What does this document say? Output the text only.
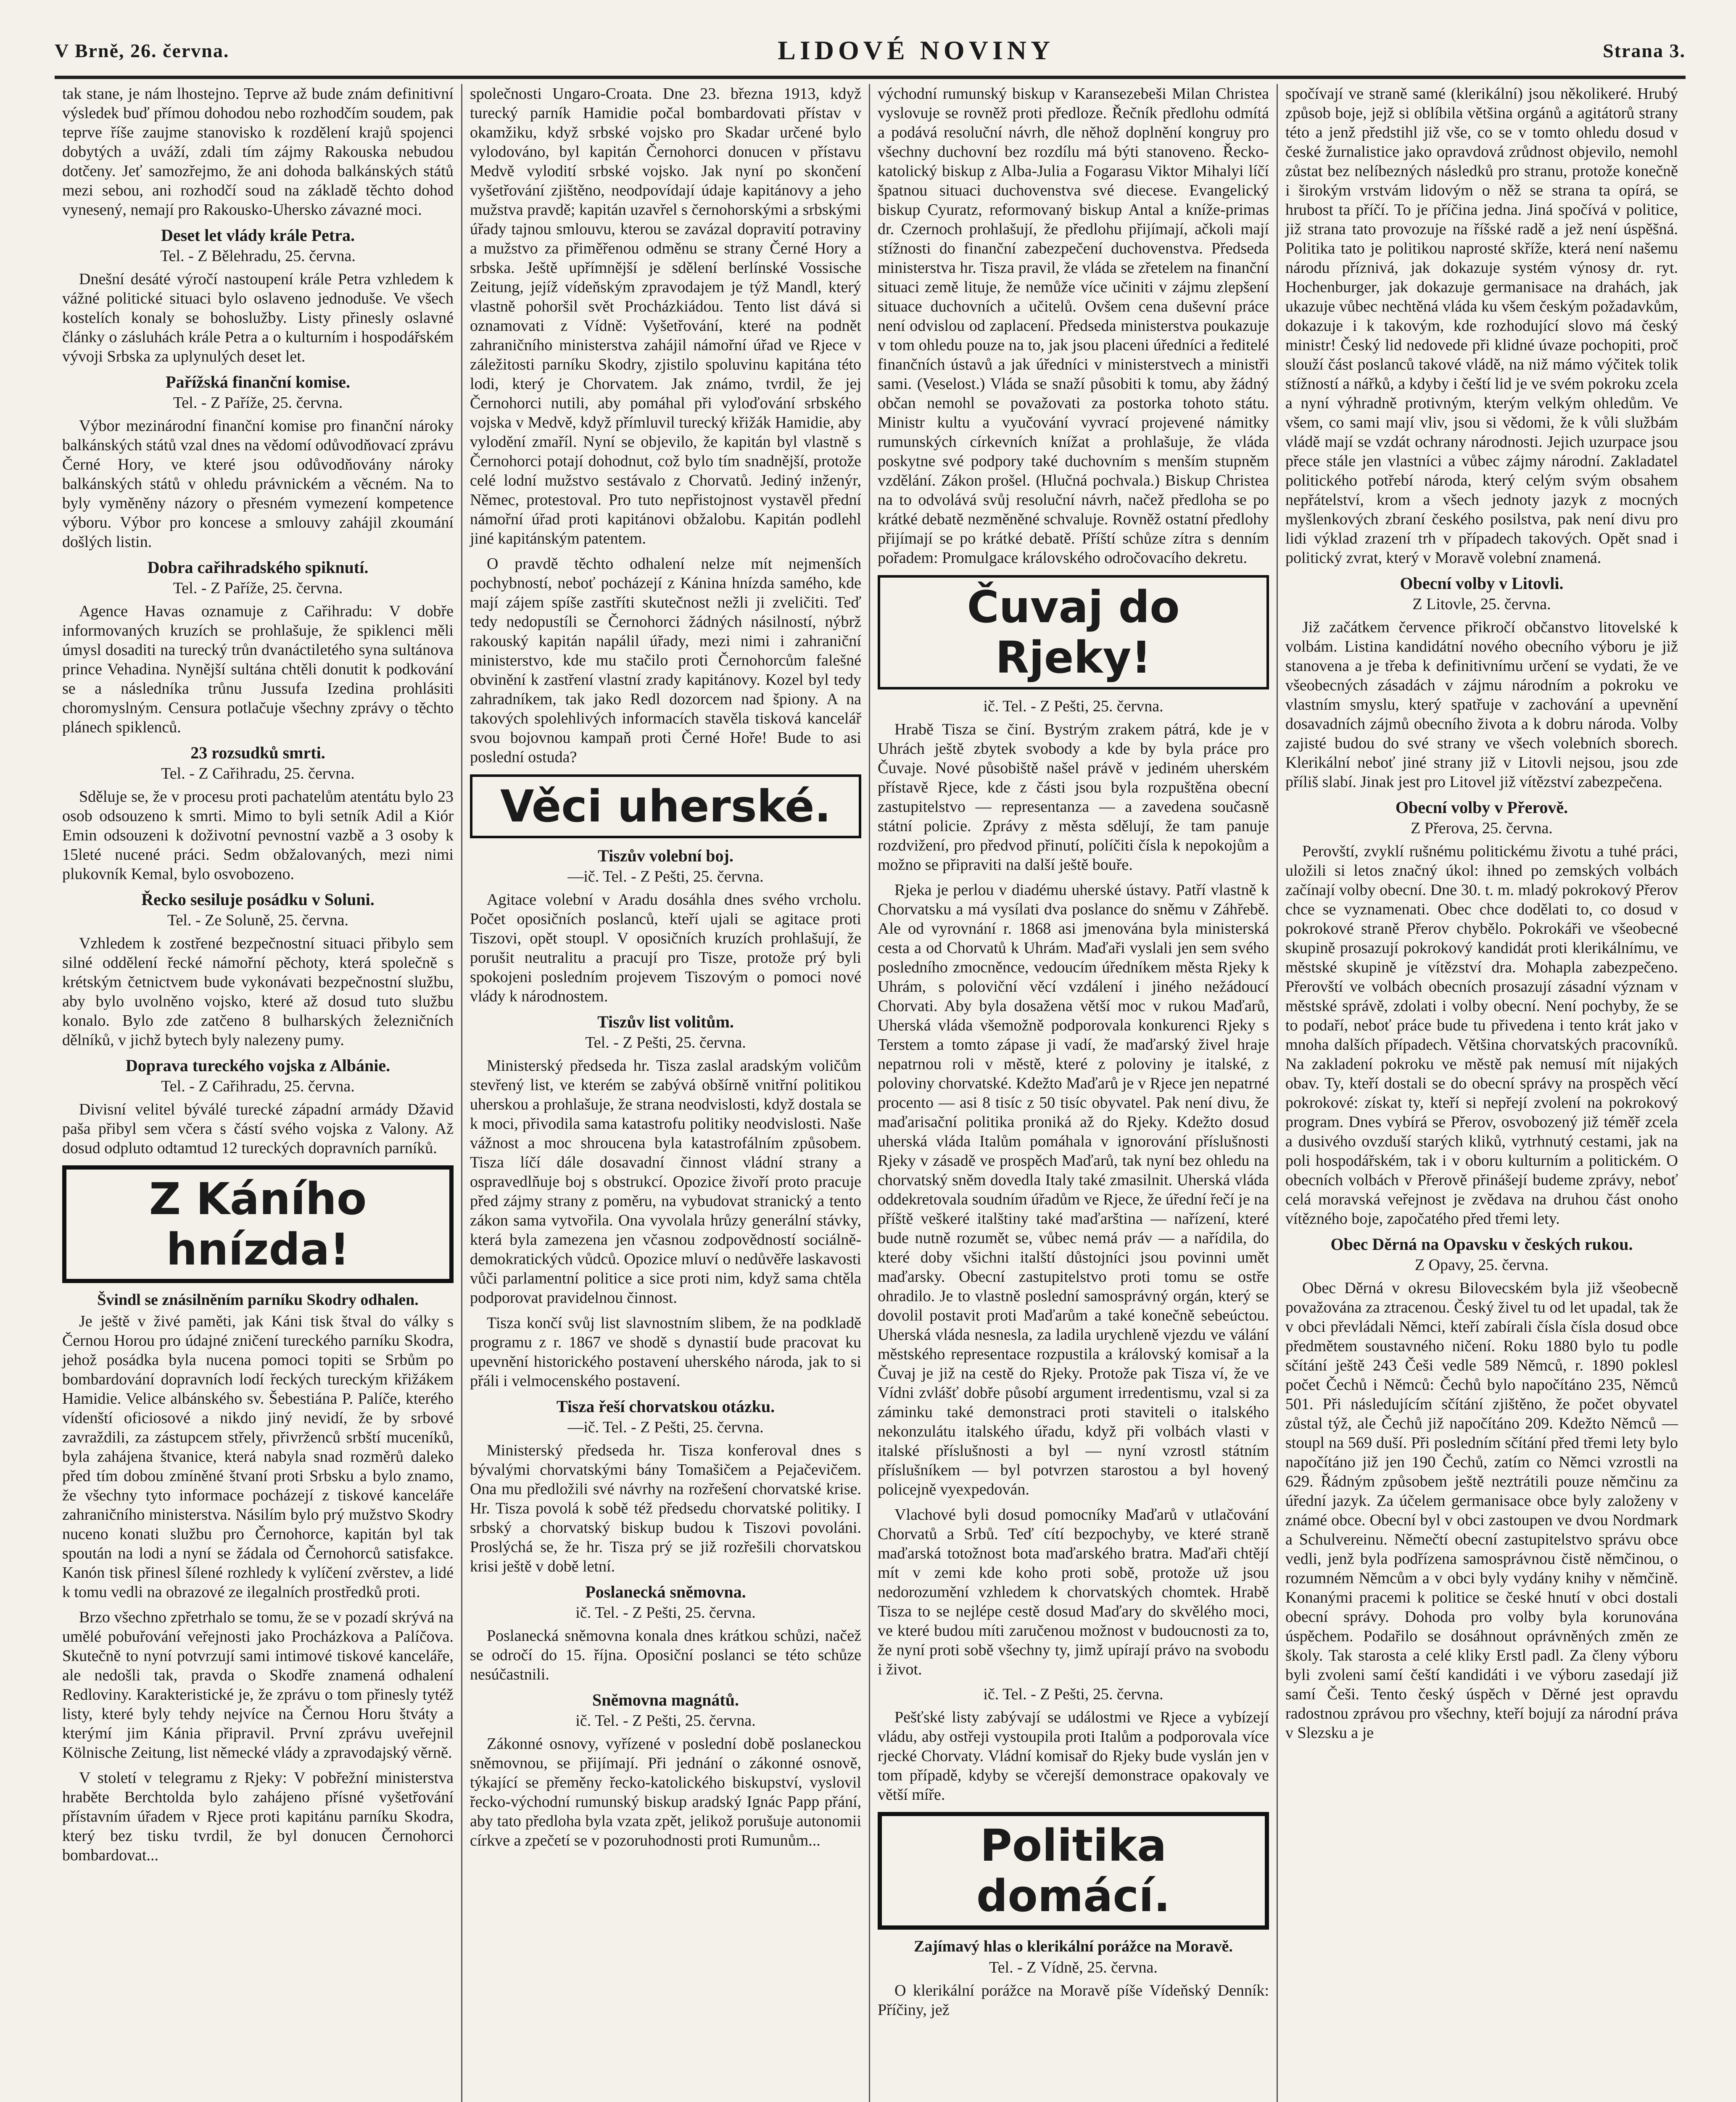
V Brně, 26. června.	LIDOVÉ NOVINY	Strana 3.

tak stane, je nám lhostejno. Teprve až bude znám definitivní výsledek buď přímou dohodou nebo rozhodčím soudem, pak teprve říše zaujme stanovisko k rozdělení krajů spojenci dobytých a uváží, zdali tím zájmy Rakouska nebudou dotčeny. Jeť samozřejmo, že ani dohoda balkánských států mezi sebou, ani rozhodčí soud na základě těchto dohod vynesený, nemají pro Rakousko-Uhersko závazné moci.

Deset let vlády krále Petra.
Tel. - Z Bělehradu, 25. června.

Dnešní desáté výročí nastoupení krále Petra vzhledem k vážné politické situaci bylo oslaveno jednoduše. Ve všech kostelích konaly se bohoslužby. Listy přinesly oslavné články o zásluhách krále Petra a o kulturním i hospodářském vývoji Srbska za uplynulých deset let.

Pařížská finanční komise.
Tel. - Z Paříže, 25. června.

Výbor mezinárodní finanční komise pro finanční nároky balkánských států vzal dnes na vědomí odůvodňovací zprávu Černé Hory, ve které jsou odůvodňovány nároky balkánských států v ohledu právnickém a věcném. Na to byly vyměněny názory o přesném vymezení kompetence výboru. Výbor pro koncese a smlouvy zahájil zkoumání došlých listin.

Dobra cařihradského spiknutí.
Tel. - Z Paříže, 25. června.

Agence Havas oznamuje z Cařihradu: V dobře informovaných kruzích se prohlašuje, že spiklenci měli úmysl dosaditi na turecký trůn dvanáctiletého syna sultánova prince Vehadina. Nynější sultána chtěli donutit k podkování se a následníka trůnu Jussufa Izedina prohlásiti choromyslným. Censura potlačuje všechny zprávy o těchto plánech spiklenců.

23 rozsudků smrti.
Tel. - Z Cařihradu, 25. června.

Sděluje se, že v procesu proti pachatelům atentátu bylo 23 osob odsouzeno k smrti. Mimo to byli setník Adil a Kiór Emin odsouzeni k doživotní pevnostní vazbě a 3 osoby k 15leté nucené práci. Sedm obžalovaných, mezi nimi plukovník Kemal, bylo osvobozeno.

Řecko sesiluje posádku v Soluni.
Tel. - Ze Soluně, 25. června.

Vzhledem k zostřené bezpečnostní situaci přibylo sem silné oddělení řecké námořní pěchoty, která společně s krétským četnictvem bude vykonávati bezpečnostní službu, aby bylo uvolněno vojsko, které až dosud tuto službu konalo. Bylo zde zatčeno 8 bulharských železničních dělníků, v jichž bytech byly nalezeny pumy.

Doprava tureckého vojska z Albánie.
Tel. - Z Cařihradu, 25. června.

Divisní velitel býválé turecké západní armády Džavid paša přibyl sem včera s částí svého vojska z Valony. Až dosud odpluto odtamtud 12 tureckých dopravních parníků.

Z Káního hnízda!
Švindl se znásilněním parníku Skodry odhalen.

Je ještě v živé paměti, jak Káni tisk štval do války s Černou Horou pro údajné zničení tureckého parníku Skodra, jehož posádka byla nucena pomoci topiti se Srbům po bombardování dopravních lodí řeckých tureckým křižákem Hamidie. Velice albánského sv. Šebestiána P. Palíče, kterého vídenští oficiosové a nikdo jiný nevidí, že by srbové zavraždili, za zástupcem střely, přivrženců srbští muceníků, byla zahájena štvanice, která nabyla snad rozměrů daleko před tím dobou zmíněné štvaní proti Srbsku a bylo znamo, že všechny tyto informace pocházejí z tiskové kanceláře zahraničního ministerstva. Násilím bylo prý mužstvo Skodry nuceno konati službu pro Černohorce, kapitán byl tak spoután na lodi a nyní se žádala od Černohorců satisfakce. Kanón tisk přinesl šílené rozhledy k vylíčení zvěrstev, a lidé k tomu vedli na obrazové ze ilegalních prostředků proti.

Brzo všechno zpřetrhalo se tomu, že se v pozadí skrývá na umělé pobuřování veřejnosti jako Procházkova a Palíčova. Skutečně to nyní potvrzují sami intimové tiskové kanceláře, ale nedošli tak, pravda o Skodře znamená odhalení Redloviny. Karakteristické je, že zprávu o tom přinesly tytéž listy, které byly tehdy nejvíce na Černou Horu štváty a kterýmí jim Kánia připravil. První zprávu uveřejnil Kölnische Zeitung, list německé vlády a zpravodajský věrně.

V století v telegramu z Rjeky: V pobřežní ministerstva hraběte Berchtolda bylo zahájeno přísné vyšetřování přístavním úřadem v Rjece proti kapitánu parníku Skodra, který bez tisku tvrdil, že byl donucen Černohorci bombardovat...

společnosti Ungaro-Croata. Dne 23. března 1913, když turecký parník Hamidie počal bombardovati přístav v okamžiku, když srbské vojsko pro Skadar určené bylo vylodováno, byl kapitán Černohorci donucen v přístavu Medvě vylodití srbské vojsko. Jak nyní po skončení vyšetřování zjištěno, neodpovídají údaje kapitánovy a jeho mužstva pravdě; kapitán uzavřel s černohorskými a srbskými úřady tajnou smlouvu, kterou se zavázal dopravití potraviny a mužstvo za přiměřenou odměnu se strany Černé Hory a srbska. Ještě upřímnější je sdělení berlínské Vossische Zeitung, jejíž vídeňským zpravodajem je týž Mandl, který vlastně pohoršil svět Procházkiádou. Tento list dává si oznamovati z Vídně: Vyšetřování, které na podnět zahraničního ministerstva zahájil námořní úřad ve Rjece v záležitosti parníku Skodry, zjistilo spoluvinu kapitána této lodi, který je Chorvatem. Jak známo, tvrdil, že jej Černohorci nutili, aby pomáhal při vyloďování srbského vojska v Medvě, když přímluvil turecký křižák Hamidie, aby vylodění zmaříl. Nyní se objevilo, že kapitán byl vlastně s Černohorci potají dohodnut, což bylo tím snadnější, protože celé lodní mužstvo sestávalo z Chorvatů. Jediný inženýr, Němec, protestoval. Pro tuto nepřistojnost vystavěl přední námořní úřad proti kapitánovi obžalobu. Kapitán podlehl jiné kapitánským patentem.

O pravdě těchto odhalení nelze mít nejmenších pochybností, neboť pocházejí z Kánina hnízda samého, kde mají zájem spíše zastříti skutečnost nežli ji zveličiti. Teď tedy nedopustíli se Černohorci žádných násilností, nýbrž rakouský kapitán napálil úřady, mezi nimi i zahraniční ministerstvo, kde mu stačilo proti Černohorcům falešné obvinění k zastření vlastní zrady kapitánovy. Kozel byl tedy zahradníkem, tak jako Redl dozorcem nad špiony. A na takových spolehlivých informacích stavěla tisková kancelář svou bojovnou kampaň proti Černé Hoře! Bude to asi poslední ostuda?

Věci uherské.
Tiszův volební boj.
—ič. Tel. - Z Pešti, 25. června.

Agitace volební v Aradu dosáhla dnes svého vrcholu. Počet oposičních poslanců, kteří ujali se agitace proti Tiszovi, opět stoupl. V oposičních kruzích prohlašují, že porušit neutralitu a pracují pro Tisze, protože prý byli spokojeni posledním projevem Tiszovým o pomoci nové vlády k národnostem.

Tiszův list volitům.
Tel. - Z Pešti, 25. června.

Ministerský předseda hr. Tisza zaslal aradským voličům stevřený list, ve kterém se zabývá obšírně vnitřní politikou uherskou a prohlašuje, že strana neodvislosti, když dostala se k moci, přivodila sama katastrofu politiky neodvislosti. Naše vážnost a moc shroucena byla katastrofálním způsobem. Tisza líčí dále dosavadní činnost vládní strany a ospravedlňuje boj s obstrukcí. Opozice živoří proto pracuje před zájmy strany z poměru, na vybudovat stranický a tento zákon sama vytvořila. Ona vyvolala hrůzy generální stávky, která byla zamezena jen včasnou zodpovědností sociálně-demokratických vůdců. Opozice mluví o nedůvěře laskavosti vůči parlamentní politice a sice proti nim, když sama chtěla podporovat pravidelnou činnost.

Tisza končí svůj list slavnostním slibem, že na podkladě programu z r. 1867 ve shodě s dynastií bude pracovat ku upevnění historického postavení uherského národa, jak to si přáli i velmocenského postavení.

Tisza řeší chorvatskou otázku.
—ič. Tel. - Z Pešti, 25. června.

Ministerský předseda hr. Tisza konferoval dnes s bývalými chorvatskými bány Tomašičem a Pejačevičem. Ona mu předložili své návrhy na rozřešení chorvatské krise. Hr. Tisza povolá k sobě též předsedu chorvatské politiky. I srbský a chorvatský biskup budou k Tiszovi povoláni. Proslýchá se, že hr. Tisza prý se již rozřešili chorvatskou krisi ještě v době letní.

Poslanecká sněmovna.
ič. Tel. - Z Pešti, 25. června.

Poslanecká sněmovna konala dnes krátkou schůzi, načež se odročí do 15. října. Oposiční poslanci se této schůze nesúčastnili.

Sněmovna magnátů.
ič. Tel. - Z Pešti, 25. června.

Zákonné osnovy, vyřízené v poslední době poslaneckou sněmovnou, se přijímají. Při jednání o zákonné osnově, týkající se přeměny řecko-katolického biskupství, vyslovil řecko-východní rumunský biskup aradský Ignác Papp přání, aby tato předloha byla vzata zpět, jelikož porušuje autonomii církve a zpečetí se v pozoruhodnosti proti Rumunům...

východní rumunský biskup v Karansezebeši Milan Christea vyslovuje se rovněž proti předloze. Řečník předlohu odmítá a podává resoluční návrh, dle něhož doplnění kongruy pro všechny duchovní bez rozdílu má býti stanoveno. Řecko-katolický biskup z Alba-Julia a Fogarasu Viktor Mihalyi líčí špatnou situaci duchovenstva své diecese. Evangelický biskup Cyuratz, reformovaný biskup Antal a kníže-primas dr. Czernoch prohlašují, že předlohu přijímají, ačkoli mají stížnosti do finanční zabezpečení duchovenstva. Předseda ministerstva hr. Tisza pravil, že vláda se zřetelem na finanční situaci země lituje, že nemůže více učiniti v zájmu zlepšení situace duchovních a učitelů. Ovšem cena duševní práce není odvislou od zaplacení. Předseda ministerstva poukazuje v tom ohledu pouze na to, jak jsou placeni úředníci a ředitelé finančních ústavů a jak úředníci v ministerstvech a ministři sami. (Veselost.) Vláda se snaží působiti k tomu, aby žádný občan nemohl se považovati za postorka tohoto státu. Ministr kultu a vyučování vyvrací projevené námitky rumunských církevních knížat a prohlašuje, že vláda poskytne své podpory také duchovním s menším stupněm vzdělání. Zákon prošel. (Hlučná pochvala.) Biskup Christea na to odvolává svůj resoluční návrh, načež předloha se po krátké debatě nezměněné schvaluje. Rovněž ostatní předlohy přijímají se po krátké debatě. Příští schůze zítra s denním pořadem: Promulgace královského odročovacího dekretu.

Čuvaj do Rjeky!
ič. Tel. - Z Pešti, 25. června.

Hrabě Tisza se činí. Bystrým zrakem pátrá, kde je v Uhrách ještě zbytek svobody a kde by byla práce pro Čuvaje. Nové působiště našel právě v jediném uherském přístavě Rjece, kde z části jsou byla rozpuštěna obecní zastupitelstvo — representanza — a zavedena současně státní policie. Zprávy z města sdělují, že tam panuje rozdvižení, pro předvod přinutí, políčiti čísla k nepokojům a možno se připraviti na další ještě bouře.

Rjeka je perlou v diadému uherské ústavy. Patří vlastně k Chorvatsku a má vysílati dva poslance do sněmu v Záhřebě. Ale od vyrovnání r. 1868 asi jmenována byla ministerská cesta a od Chorvatů k Uhrám. Maďaři vyslali jen sem svého posledního zmocněnce, vedoucím úředníkem města Rjeky k Uhrám, s poloviční věcí vzdálení i jiného nežádoucí Chorvati. Aby byla dosažena větší moc v rukou Maďarů, Uherská vláda všemožně podporovala konkurenci Rjeky s Terstem a tomto zápase ji vadí, že maďarský živel hraje nepatrnou roli v městě, které z poloviny je italské, z poloviny chorvatské. Kdežto Maďarů je v Rjece jen nepatrné procento — asi 8 tisíc z 50 tisíc obyvatel. Pak není divu, že maďarisační politika proniká až do Rjeky. Kdežto dosud uherská vláda Italům pomáhala v ignorování příslušnosti Rjeky v zásadě ve prospěch Maďarů, tak nyní bez ohledu na chorvatský sněm dovedla Italy také zmasilnit. Uherská vláda oddekretovala soudním úřadům ve Rjece, že úřední řečí je na příště veškeré italštiny také maďarština — nařízení, které bude nutně rozumět se, vůbec nemá práv — a nařídila, do které doby všichni italští důstojníci jsou povinni umět maďarsky. Obecní zastupitelstvo proti tomu se ostře ohradilo. Je to vlastně poslední samosprávný orgán, který se dovolil postavit proti Maďarům a také konečně sebeúctou. Uherská vláda nesnesla, za ladila urychleně vjezdu ve válání městského representace rozpustila a královský komisař a la Čuvaj je již na cestě do Rjeky. Protože pak Tisza ví, že ve Vídni zvlášť dobře působí argument irredentismu, vzal si za záminku také demonstraci proti staviteli o italského nekonzulátu italského úřadu, když při volbách vlasti v italské příslušnosti a byl — nyní vzrostl státním příslušníkem — byl potvrzen starostou a byl hovený policejně vyexpedován.

Vlachové byli dosud pomocníky Maďarů v utlačování Chorvatů a Srbů. Teď cítí bezpochyby, ve které straně maďarská totožnost bota maďarského bratra. Maďaři chtějí mít v zemi kde koho proti sobě, protože už jsou nedorozumění vzhledem k chorvatských chomtek. Hrabě Tisza to se nejlépe cestě dosud Maďary do skvělého moci, ve které budou míti zaručenou možnost v budoucnosti za to, že nyní proti sobě všechny ty, jimž upírají právo na svobodu i život.

ič. Tel. - Z Pešti, 25. června.

Pešťské listy zabývají se událostmi ve Rjece a vybízejí vládu, aby ostřeji vystoupila proti Italům a podporovala více rjecké Chorvaty. Vládní komisař do Rjeky bude vyslán jen v tom případě, kdyby se včerejší demonstrace opakovaly ve větší míře.

Politika domácí.
Zajímavý hlas o klerikální porážce na Moravě.
Tel. - Z Vídně, 25. června.

O klerikální porážce na Moravě píše Vídeňský Denník: Příčiny, jež

spočívají ve straně samé (klerikální) jsou několikeré. Hrubý způsob boje, jejž si oblíbila většina orgánů a agitátorů strany této a jenž předstihl již vše, co se v tomto ohledu dosud v české žurnalistice jako opravdová zrůdnost objevilo, nemohl zůstat bez nelíbezných následků pro stranu, protože konečně i širokým vrstvám lidovým o něž se strana ta opírá, se hrubost ta příčí. To je příčina jedna. Jiná spočívá v politice, již strana tato provozuje na říšské radě a jež není úspěšná. Politika tato je politikou naprosté skříže, která není našemu národu příznivá, jak dokazuje systém výnosy dr. ryt. Hochenburger, jak dokazuje germanisace na drahách, jak ukazuje vůbec nechtěná vláda ku všem českým požadavkům, dokazuje i k takovým, kde rozhodující slovo má český ministr! Český lid nedovede při klidné úvaze pochopiti, proč slouží část poslanců takové vládě, na niž mámo výčitek tolik stížností a nářků, a kdyby i čeští lid je ve svém pokroku zcela a nyní výhradně protivným, kterým velkým ohledům. Ve všem, co sami mají vliv, jsou si vědomi, že k vůli službám vládě mají se vzdát ochrany národnosti. Jejich uzurpace jsou přece stále jen vlastníci a vůbec zájmy národní. Zakladatel politického potřebí národa, který celým svým obsahem nepřátelství, krom a všech jednoty jazyk z mocných myšlenkových zbraní českého posilstva, pak není divu pro lidi výklad zrazení trh v případech takových. Opět snad i politický zvrat, který v Moravě volební znamená.

Obecní volby v Litovli.
Z Litovle, 25. června.

Již začátkem července přikročí občanstvo litovelské k volbám. Listina kandidátní nového obecního výboru je již stanovena a je třeba k definitivnímu určení se vydati, že ve všeobecných zásadách v zájmu národním a pokroku ve vlastním smyslu, který spatřuje v zachování a upevnění dosavadních zájmů obecního života a k dobru národa. Volby zajisté budou do své strany ve všech volebních sborech. Klerikální neboť jiné strany již v Litovli nejsou, jsou zde příliš slabí. Jinak jest pro Litovel již vítězství zabezpečena.

Obecní volby v Přerově.
Z Přerova, 25. června.

Perovští, zvyklí rušnému politickému životu a tuhé práci, uložili si letos značný úkol: ihned po zemských volbách začínají volby obecní. Dne 30. t. m. mladý pokrokový Přerov chce se vyznamenati. Obec chce dodělati to, co dosud v pokrokové straně Přerov chybělo. Pokrokáři ve všeobecné skupině prosazují pokrokový kandidát proti klerikálnímu, ve městské skupině je vítězství dra. Mohapla zabezpečeno. Přerovští ve volbách obecních prosazují zásadní význam v městské správě, zdolati i volby obecní. Není pochyby, že se to podaří, neboť práce bude tu přivedena i tento krát jako v mnoha dalších případech. Většina chorvatských pracovníků. Na zakladení pokroku ve městě pak nemusí mít nijakých obav. Ty, kteří dostali se do obecní správy na prospěch věcí pokrokové: získat ty, kteří si nepřejí zvolení na pokrokový program. Dnes vybírá se Přerov, osvobozený již téměř zcela a dusivého ovzduší starých kliků, vytrhnutý cestami, jak na poli hospodářském, tak i v oboru kulturním a politickém. O obecních volbách v Přerově přinášejí budeme zprávy, neboť celá moravská veřejnost je zvědava na druhou část onoho vítězného boje, započatého před třemi lety.

Obec Děrná na Opavsku v českých rukou.
Z Opavy, 25. června.

Obec Děrná v okresu Bilovecském byla již všeobecně považována za ztracenou. Český živel tu od let upadal, tak že v obci převládali Němci, kteří zabírali čísla čísla dosud obce předmětem soustavného ničení. Roku 1880 bylo tu podle sčítání ještě 243 Češi vedle 589 Němců, r. 1890 poklesl počet Čechů i Němců: Čechů bylo napočítáno 235, Němců 501. Při následujícím sčítání zjištěno, že počet obyvatel zůstal týž, ale Čechů již napočítáno 209. Kdežto Němců — stoupl na 569 duší. Při posledním sčítání před třemi lety bylo napočítáno již jen 190 Čechů, zatím co Němci vzrostli na 629. Řádným způsobem ještě neztrátili pouze němčinu za úřední jazyk. Za účelem germanisace obce byly založeny v známé obce. Obecní byl v obci zastoupen ve dvou Nordmark a Schulvereinu. Němečtí obecní zastupitelstvo správu obce vedli, jenž byla podřízena samosprávnou čistě němčinou, o rozumném Němcům a v obci byly vydány knihy v němčině. Konanými pracemi k politice se české hnutí v obci dostali obecní správy. Dohoda pro volby byla korunována úspěchem. Podařilo se dosáhnout oprávněných změn ze školy. Tak starosta a celé kliky Erstl padl. Za členy výboru byli zvoleni samí čeští kandidáti i ve výboru zasedají již samí Češi. Tento český úspěch v Děrné jest opravdu radostnou zprávou pro všechny, kteří bojují za národní práva v Slezsku a je
